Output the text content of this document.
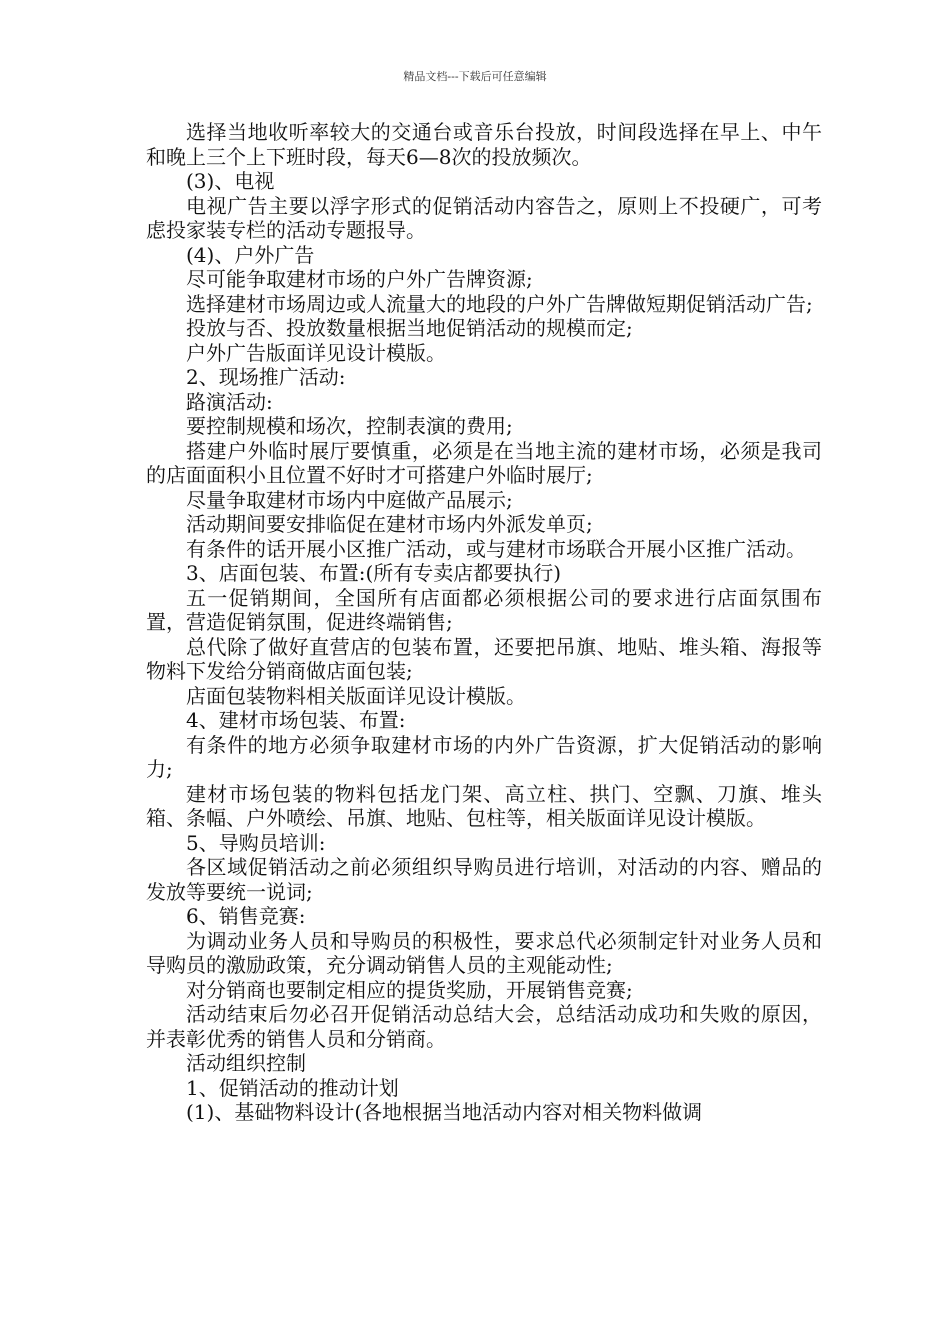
精品文档---下载后可任意编辑

选择当地收听率较大的交通台或音乐台投放，时间段选择在早上、中午和晚上三个上下班时段，每天6—8次的投放频次。

(3)、电视

电视广告主要以浮字形式的促销活动内容告之，原则上不投硬广，可考虑投家装专栏的活动专题报导。

(4)、户外广告

尽可能争取建材市场的户外广告牌资源;

选择建材市场周边或人流量大的地段的户外广告牌做短期促销活动广告;

投放与否、投放数量根据当地促销活动的规模而定;

户外广告版面详见设计模版。

2、现场推广活动:

路演活动:

要控制规模和场次，控制表演的费用;

搭建户外临时展厅要慎重，必须是在当地主流的建材市场，必须是我司的店面面积小且位置不好时才可搭建户外临时展厅;

尽量争取建材市场内中庭做产品展示;

活动期间要安排临促在建材市场内外派发单页;

有条件的话开展小区推广活动，或与建材市场联合开展小区推广活动。

3、店面包装、布置:(所有专卖店都要执行)

五一促销期间，全国所有店面都必须根据公司的要求进行店面氛围布置，营造促销氛围，促进终端销售;

总代除了做好直营店的包装布置，还要把吊旗、地贴、堆头箱、海报等物料下发给分销商做店面包装;

店面包装物料相关版面详见设计模版。

4、建材市场包装、布置:

有条件的地方必须争取建材市场的内外广告资源，扩大促销活动的影响力;

建材市场包装的物料包括龙门架、高立柱、拱门、空飘、刀旗、堆头箱、条幅、户外喷绘、吊旗、地贴、包柱等，相关版面详见设计模版。

5、导购员培训:

各区域促销活动之前必须组织导购员进行培训，对活动的内容、赠品的发放等要统一说词;

6、销售竞赛:

为调动业务人员和导购员的积极性，要求总代必须制定针对业务人员和导购员的激励政策，充分调动销售人员的主观能动性;

对分销商也要制定相应的提货奖励，开展销售竞赛;

活动结束后勿必召开促销活动总结大会，总结活动成功和失败的原因，并表彰优秀的销售人员和分销商。

活动组织控制

1、促销活动的推动计划

(1)、基础物料设计(各地根据当地活动内容对相关物料做调
